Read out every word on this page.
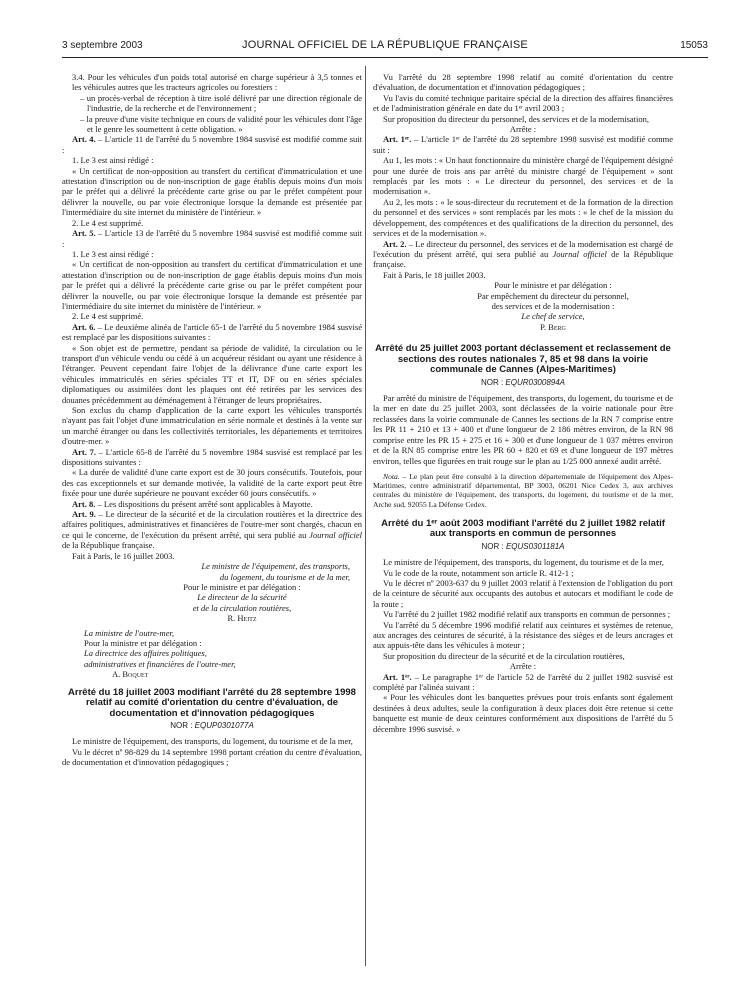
3 septembre 2003	JOURNAL OFFICIEL DE LA RÉPUBLIQUE FRANÇAISE	15053

3.4. Pour les véhicules d'un poids total autorisé en charge supérieur à 3,5 tonnes et les véhicules autres que les tracteurs agricoles ou forestiers :

– un procès-verbal de réception à titre isolé délivré par une direction régionale de l'industrie, de la recherche et de l'environnement ;

– la preuve d'une visite technique en cours de validité pour les véhicules dont l'âge et le genre les soumettent à cette obligation. »

Art. 4. – L'article 11 de l'arrêté du 5 novembre 1984 susvisé est modifié comme suit :

1. Le 3 est ainsi rédigé :

« Un certificat de non-opposition au transfert du certificat d'immatriculation et une attestation d'inscription ou de non-inscription de gage établis depuis moins d'un mois par le préfet qui a délivré la précédente carte grise ou par le préfet compétent pour délivrer la nouvelle, ou par voie électronique lorsque la demande est présentée par l'intermédiaire du site internet du ministère de l'intérieur. »

2. Le 4 est supprimé.

Art. 5. – L'article 13 de l'arrêté du 5 novembre 1984 susvisé est modifié comme suit :

1. Le 3 est ainsi rédigé :

« Un certificat de non-opposition au transfert du certificat d'immatriculation et une attestation d'inscription ou de non-inscription de gage établis depuis moins d'un mois par le préfet qui a délivré la précédente carte grise ou par le préfet compétent pour délivrer la nouvelle, ou par voie électronique lorsque la demande est présentée par l'intermédiaire du site internet du ministère de l'intérieur. »

2. Le 4 est supprimé.

Art. 6. – Le deuxième alinéa de l'article 65-1 de l'arrêté du 5 novembre 1984 susvisé est remplacé par les dispositions suivantes :

« Son objet est de permettre, pendant sa période de validité, la circulation ou le transport d'un véhicule vendu ou cédé à un acquéreur résidant ou ayant une résidence à l'étranger. Peuvent cependant faire l'objet de la délivrance d'une carte export les véhicules immatriculés en séries spéciales TT et IT, DF ou en séries spéciales diplomatiques ou assimilées dont les plaques ont été retirées par les services des douanes précédemment au déménagement à l'étranger de leurs propriétaires.

Son exclus du champ d'application de la carte export les véhicules transportés n'ayant pas fait l'objet d'une immatriculation en série normale et destinés à la vente sur un marché étranger ou dans les collectivités territoriales, les départements et territoires d'outre-mer. »

Art. 7. – L'article 65-8 de l'arrêté du 5 novembre 1984 susvisé est remplacé par les dispositions suivantes :

« La durée de validité d'une carte export est de 30 jours consécutifs. Toutefois, pour des cas exceptionnels et sur demande motivée, la validité de la carte export peut être fixée pour une durée supérieure ne pouvant excéder 60 jours consécutifs. »

Art. 8. – Les dispositions du présent arrêté sont applicables à Mayotte.

Art. 9. – Le directeur de la sécurité et de la circulation routières et la directrice des affaires politiques, administratives et financières de l'outre-mer sont chargés, chacun en ce qui le concerne, de l'exécution du présent arrêté, qui sera publié au Journal officiel de la République française.

Fait à Paris, le 16 juillet 2003.

Le ministre de l'équipement, des transports,

du logement, du tourisme et de la mer,

Pour le ministre et par délégation :

Le directeur de la sécurité

et de la circulation routières,

R. Heitz

La ministre de l'outre-mer,

Pour la ministre et par délégation :

La directrice des affaires politiques,

administratives et financières de l'outre-mer,

A. Boquet

Arrêté du 18 juillet 2003 modifiant l'arrêté du 28 septembre 1998 relatif au comité d'orientation du centre d'évaluation, de documentation et d'innovation pédagogiques
NOR : EQUP0301077A

Le ministre de l'équipement, des transports, du logement, du tourisme et de la mer,

Vu le décret nº 98-829 du 14 septembre 1998 portant création du centre d'évaluation, de documentation et d'innovation pédagogiques ;

Vu l'arrêté du 28 septembre 1998 relatif au comité d'orientation du centre d'évaluation, de documentation et d'innovation pédagogiques ;

Vu l'avis du comité technique paritaire spécial de la direction des affaires financières et de l'administration générale en date du 1ᵉʳ avril 2003 ;

Sur proposition du directeur du personnel, des services et de la modernisation,

Arrête :

Art. 1ᵉʳ. – L'article 1ᵉʳ de l'arrêté du 28 septembre 1998 susvisé est modifié comme suit :

Au 1, les mots : « Un haut fonctionnaire du ministère chargé de l'équipement désigné pour une durée de trois ans par arrêté du ministre chargé de l'équipement » sont remplacés par les mots : « Le directeur du personnel, des services et de la modernisation ».

Au 2, les mots : « le sous-directeur du recrutement et de la formation de la direction du personnel et des services » sont remplacés par les mots : « le chef de la mission du développement, des compétences et des qualifications de la direction du personnel, des services et de la modernisation ».

Art. 2. – Le directeur du personnel, des services et de la modernisation est chargé de l'exécution du présent arrêté, qui sera publié au Journal officiel de la République française.

Fait à Paris, le 18 juillet 2003.

Pour le ministre et par délégation :

Par empêchement du directeur du personnel,

des services et de la modernisation :

Le chef de service,

P. Berg

Arrêté du 25 juillet 2003 portant déclassement et reclassement de sections des routes nationales 7, 85 et 98 dans la voirie communale de Cannes (Alpes-Maritimes)
NOR : EQUR0300894A

Par arrêté du ministre de l'équipement, des transports, du logement, du tourisme et de la mer en date du 25 juillet 2003, sont déclassées de la voirie nationale pour être reclassées dans la voirie communale de Cannes les sections de la RN 7 comprise entre les PR 11 + 210 et 13 + 400 et d'une longueur de 2 186 mètres environ, de la RN 98 comprise entre les PR 15 + 275 et 16 + 300 et d'une longueur de 1 037 mètres environ et de la RN 85 comprise entre les PR 60 + 820 et 69 et d'une longueur de 197 mètres environ, telles que figurées en trait rouge sur le plan au 1/25 000 annexé audit arrêté.

Nota. – Le plan peut être consulté à la direction départementale de l'équipement des Alpes-Maritimes, centre administratif départemental, BP 3003, 06201 Nice Cedex 3, aux archives centrales du ministère de l'équipement, des transports, du logement, du tourisme et de la mer, Arche sud, 92055 La Défense Cedex.

Arrêté du 1ᵉʳ août 2003 modifiant l'arrêté du 2 juillet 1982 relatif aux transports en commun de personnes
NOR : EQUS0301181A

Le ministre de l'équipement, des transports, du logement, du tourisme et de la mer,

Vu le code de la route, notamment son article R. 412-1 ;

Vu le décret nº 2003-637 du 9 juillet 2003 relatif à l'extension de l'obligation du port de la ceinture de sécurité aux occupants des autobus et autocars et modifiant le code de la route ;

Vu l'arrêté du 2 juillet 1982 modifié relatif aux transports en commun de personnes ;

Vu l'arrêté du 5 décembre 1996 modifié relatif aux ceintures et systèmes de retenue, aux ancrages des ceintures de sécurité, à la résistance des sièges et de leurs ancrages et aux appuis-tête dans les véhicules à moteur ;

Sur proposition du directeur de la sécurité et de la circulation routières,

Arrête :

Art. 1ᵉʳ. – Le paragraphe 1ᵉʳ de l'article 52 de l'arrêté du 2 juillet 1982 susvisé est complété par l'alinéa suivant :

« Pour les véhicules dont les banquettes prévues pour trois enfants sont également destinées à deux adultes, seule la configuration à deux places doit être retenue si cette banquette est munie de deux ceintures conformément aux dispositions de l'arrêté du 5 décembre 1996 susvisé. »
